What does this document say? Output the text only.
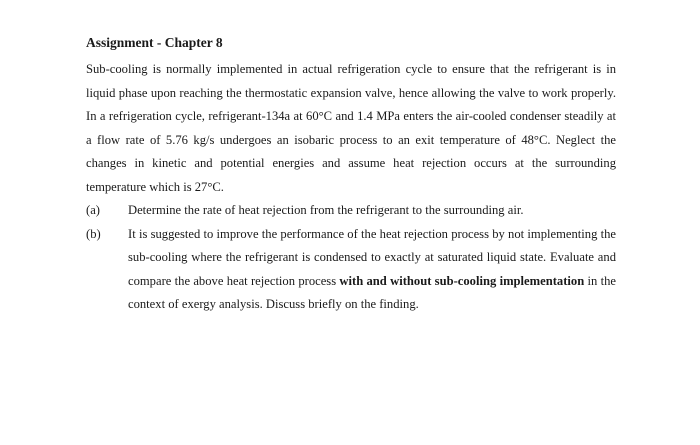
Assignment - Chapter 8

Sub-cooling is normally implemented in actual refrigeration cycle to ensure that the refrigerant is in liquid phase upon reaching the thermostatic expansion valve, hence allowing the valve to work properly. In a refrigeration cycle, refrigerant-134a at 60°C and 1.4 MPa enters the air-cooled condenser steadily at a flow rate of 5.76 kg/s undergoes an isobaric process to an exit temperature of 48°C. Neglect the changes in kinetic and potential energies and assume heat rejection occurs at the surrounding temperature which is 27°C.

(a) Determine the rate of heat rejection from the refrigerant to the surrounding air.
(b) It is suggested to improve the performance of the heat rejection process by not implementing the sub-cooling where the refrigerant is condensed to exactly at saturated liquid state. Evaluate and compare the above heat rejection process with and without sub-cooling implementation in the context of exergy analysis. Discuss briefly on the finding.
